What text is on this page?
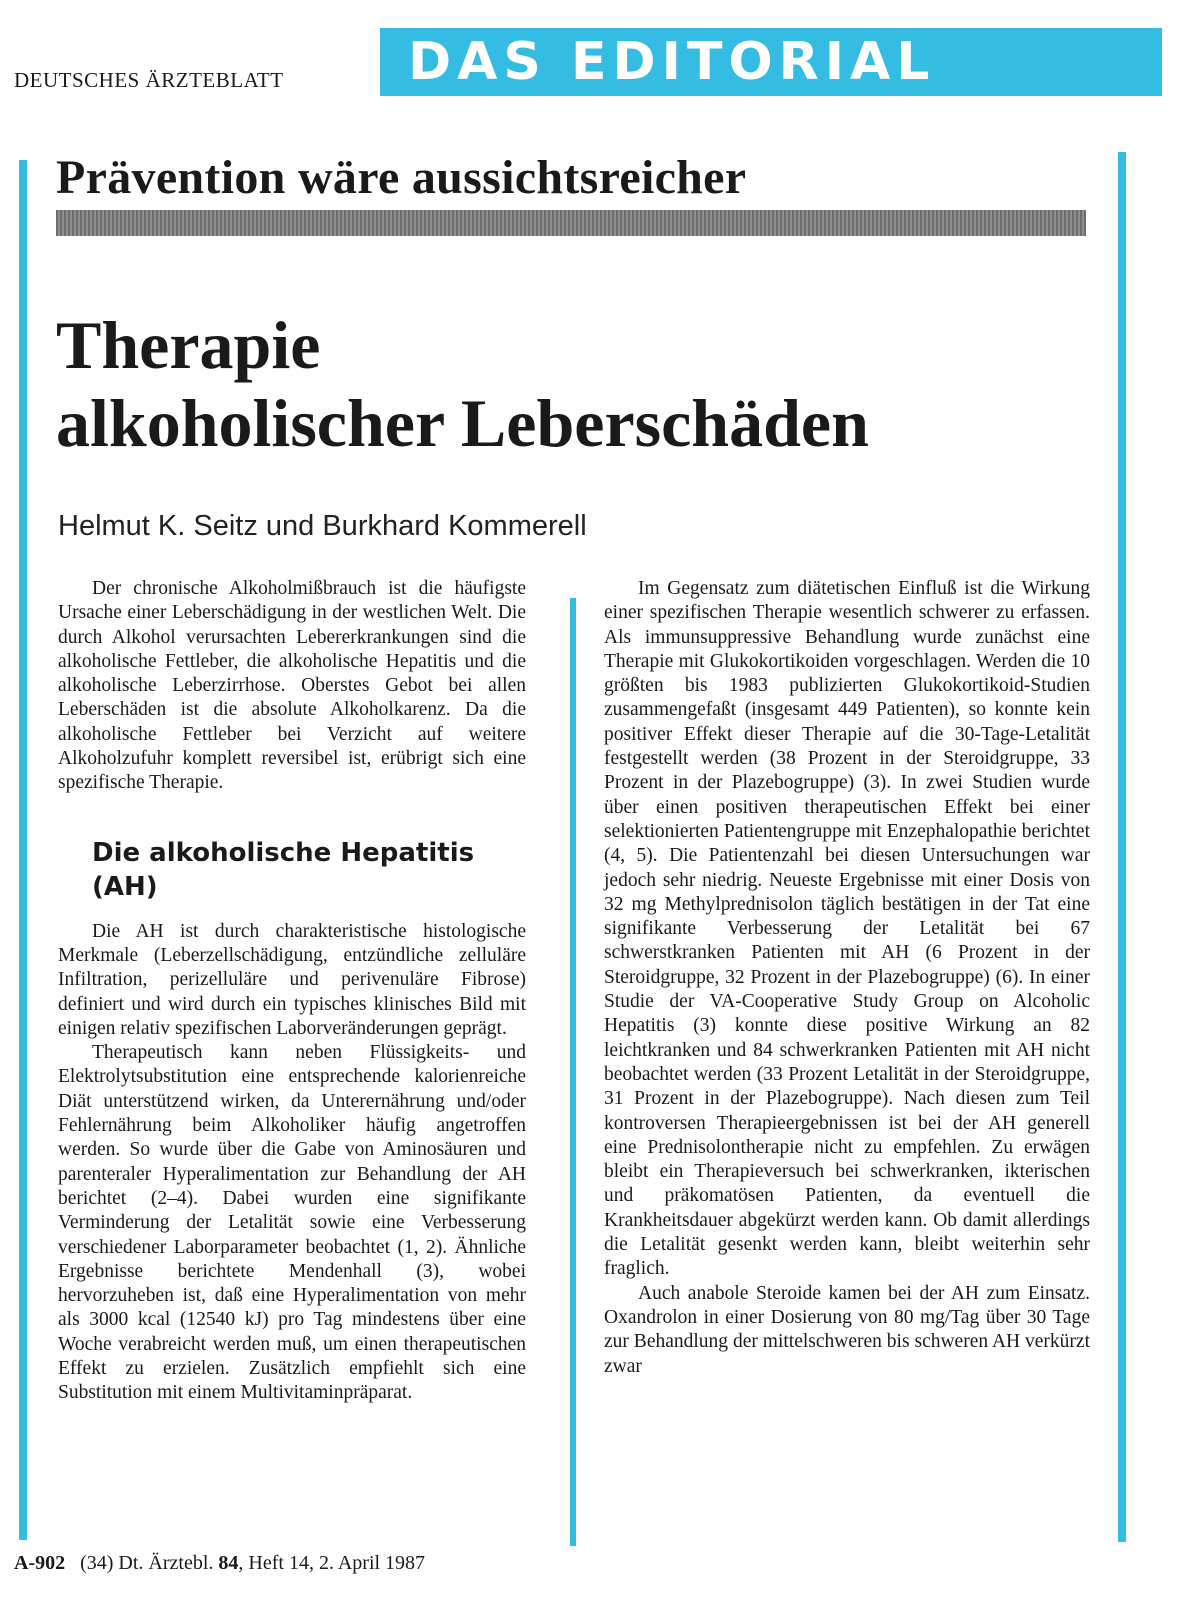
DEUTSCHES ÄRZTEBLATT DAS EDITORIAL
Prävention wäre aussichtsreicher
Therapie
alkoholischer Leberschäden
Helmut K. Seitz und Burkhard Kommerell

Der chronische Alkoholmißbrauch ist die häufigste Ursache einer Leberschädigung in der westlichen Welt. Die durch Alkohol verursachten Lebererkrankungen sind die alkoholische Fettleber, die alkoholische Hepatitis und die alkoholische Leberzirrhose. Oberstes Gebot bei allen Leberschäden ist die absolute Alkoholkarenz. Da die alkoholische Fettleber bei Verzicht auf weitere Alkoholzufuhr komplett reversibel ist, erübrigt sich eine spezifische Therapie.

Die alkoholische Hepatitis (AH)

Die AH ist durch charakteristische histologische Merkmale (Leberzellschädigung, entzündliche zelluläre Infiltration, perizelluläre und perivenuläre Fibrose) definiert und wird durch ein typisches klinisches Bild mit einigen relativ spezifischen Laborveränderungen geprägt.

Therapeutisch kann neben Flüssigkeits- und Elektrolytsubstitution eine entsprechende kalorienreiche Diät unterstützend wirken, da Unterernährung und/oder Fehlernährung beim Alkoholiker häufig angetroffen werden. So wurde über die Gabe von Aminosäuren und parenteraler Hyperalimentation zur Behandlung der AH berichtet (2–4). Dabei wurden eine signifikante Verminderung der Letalität sowie eine Verbesserung verschiedener Laborparameter beobachtet (1, 2). Ähnliche Ergebnisse berichtete Mendenhall (3), wobei hervorzuheben ist, daß eine Hyperalimentation von mehr als 3000 kcal (12540 kJ) pro Tag mindestens über eine Woche verabreicht werden muß, um einen therapeutischen Effekt zu erzielen. Zusätzlich empfiehlt sich eine Substitution mit einem Multivitaminpräparat.

Im Gegensatz zum diätetischen Einfluß ist die Wirkung einer spezifischen Therapie wesentlich schwerer zu erfassen. Als immunsuppressive Behandlung wurde zunächst eine Therapie mit Glukokortikoiden vorgeschlagen. Werden die 10 größten bis 1983 publizierten Glukokortikoid-Studien zusammengefaßt (insgesamt 449 Patienten), so konnte kein positiver Effekt dieser Therapie auf die 30-Tage-Letalität festgestellt werden (38 Prozent in der Steroidgruppe, 33 Prozent in der Plazebogruppe) (3). In zwei Studien wurde über einen positiven therapeutischen Effekt bei einer selektionierten Patientengruppe mit Enzephalopathie berichtet (4, 5). Die Patientenzahl bei diesen Untersuchungen war jedoch sehr niedrig. Neueste Ergebnisse mit einer Dosis von 32 mg Methylprednisolon täglich bestätigen in der Tat eine signifikante Verbesserung der Letalität bei 67 schwerstkranken Patienten mit AH (6 Prozent in der Steroidgruppe, 32 Prozent in der Plazebogruppe) (6). In einer Studie der VA-Cooperative Study Group on Alcoholic Hepatitis (3) konnte diese positive Wirkung an 82 leichtkranken und 84 schwerkranken Patienten mit AH nicht beobachtet werden (33 Prozent Letalität in der Steroidgruppe, 31 Prozent in der Plazebogruppe). Nach diesen zum Teil kontroversen Therapieergebnissen ist bei der AH generell eine Prednisolontherapie nicht zu empfehlen. Zu erwägen bleibt ein Therapieversuch bei schwerkranken, ikterischen und präkomatösen Patienten, da eventuell die Krankheitsdauer abgekürzt werden kann. Ob damit allerdings die Letalität gesenkt werden kann, bleibt weiterhin sehr fraglich.

Auch anabole Steroide kamen bei der AH zum Einsatz. Oxandrolon in einer Dosierung von 80 mg/Tag über 30 Tage zur Behandlung der mittelschweren bis schweren AH verkürzt zwar

A-902 (34) Dt. Ärztebl. 84, Heft 14, 2. April 1987
